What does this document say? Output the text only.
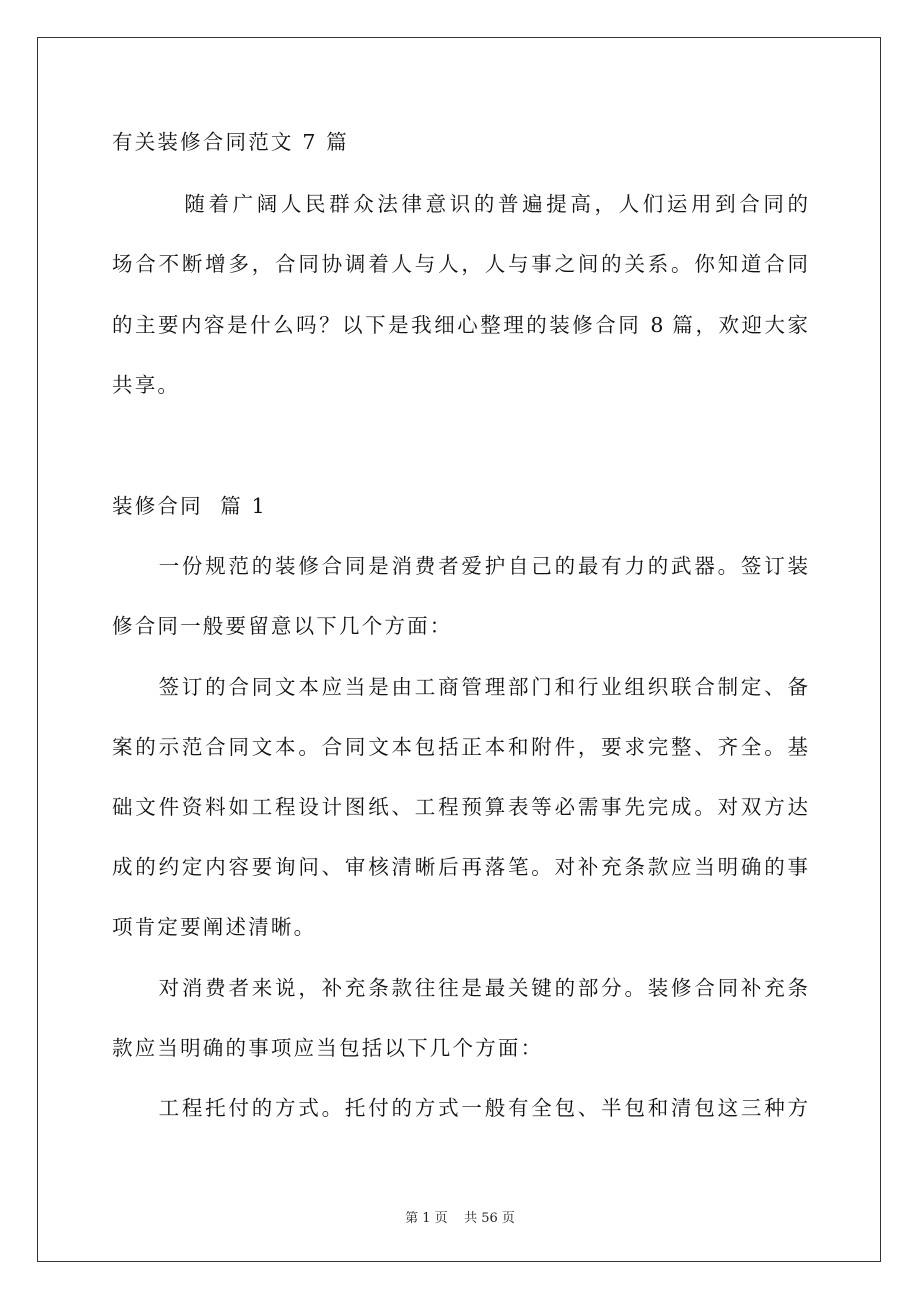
有关装修合同范文 7 篇
　　　随着广阔人民群众法律意识的普遍提高，人们运用到合同的
场合不断增多，合同协调着人与人，人与事之间的关系。你知道合同
的主要内容是什么吗？以下是我细心整理的装修合同 8 篇，欢迎大家
共享。
装修合同  篇 1
　　一份规范的装修合同是消费者爱护自己的最有力的武器。签订装
修合同一般要留意以下几个方面：
　　签订的合同文本应当是由工商管理部门和行业组织联合制定、备
案的示范合同文本。合同文本包括正本和附件，要求完整、齐全。基
础文件资料如工程设计图纸、工程预算表等必需事先完成。对双方达
成的约定内容要询问、审核清晰后再落笔。对补充条款应当明确的事
项肯定要阐述清晰。
　　对消费者来说，补充条款往往是最关键的部分。装修合同补充条
款应当明确的事项应当包括以下几个方面：
　　工程托付的方式。托付的方式一般有全包、半包和清包这三种方
第 1 页    共 56 页
